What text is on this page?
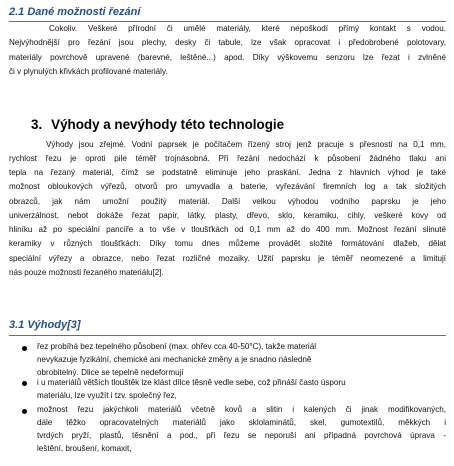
2.1 Dané možnosti řezání

Cokoliv. Veškeré přírodní či umělé materiály, které nepoškodí přímý kontakt s vodou.

Nejvýhodnější pro řezání jsou plechy, desky či tabule, lze však opracovat i předobrobené polotovary,

materiály povrchově upravené (barevné, leštěné...) apod. Díky výškovemu senzoru lze řezat i zvlněné

či v plynulých křivkách profilované materiály.

3. Výhody a nevýhody této technologie

Výhody jsou zřejmé. Vodní paprsek je počítačem řízený stroj jenž pracuje s přesností na 0,1 mm,

rychlost řezu je oproti pile téměř trojnásobná. Při řezání nedochází k působení žádného tlaku ani

tepla na řezaný materiál, čímž se podstatně eliminuje jeho praskání. Jedna z hlavních výhod je také

možnost obloukových výřezů, otvorů pro umyvadla a baterie, vyřezávání firemních log a tak složitých

obrazců, jak nám umožní použitý materiál. Další velkou výhodou vodního paprsku je jeho

univerzálnost, nebot dokáže řezat papír, látky, plasty, dřevo, sklo, keramiku, cihly, veškeré kovy od

hliníku až po speciální pancíře a to vše v tloušťkách od 0,1 mm až do 400 mm. Možnost řezání slinuté

keramiky v různých tloušťkách. Díky tomu dnes můžeme provádět složité formátování dlažeb, dělat

speciální výřezy a obrazce, nebo řezat rozličné mozaiky. Užití paprsku je téměř neomezené a limitují

nás pouze možnosti řezaného materiálu[2].

3.1 Výhody[3]

řez probíhá bez tepelného působení (max. ohřev cca 40-50°C), takže materiál

nevykazuje fyzikální, chemické ani mechanické změny a je snadno následně

obrobitelný. Dlice se tepelně nedeformují

i u materiálů větších tlouštěk lze klást dílce těsně vedle sebe, což přináší často úsporu

materiálu, lze využít i tzv. společný řez,

možnost řezu jakýchkoli materiálů včetně kovů a slitin i kalených či jinak modifikovaných,

dále těžko opracovatelných materiálů jako sklolaminátů, skel, gumotextilů, měkkých i

tvrdých pryží, plastů, těsnění a pod., při řezu se neporuší ani případná povrchová úprava -

leštění, broušení, komaxit,
